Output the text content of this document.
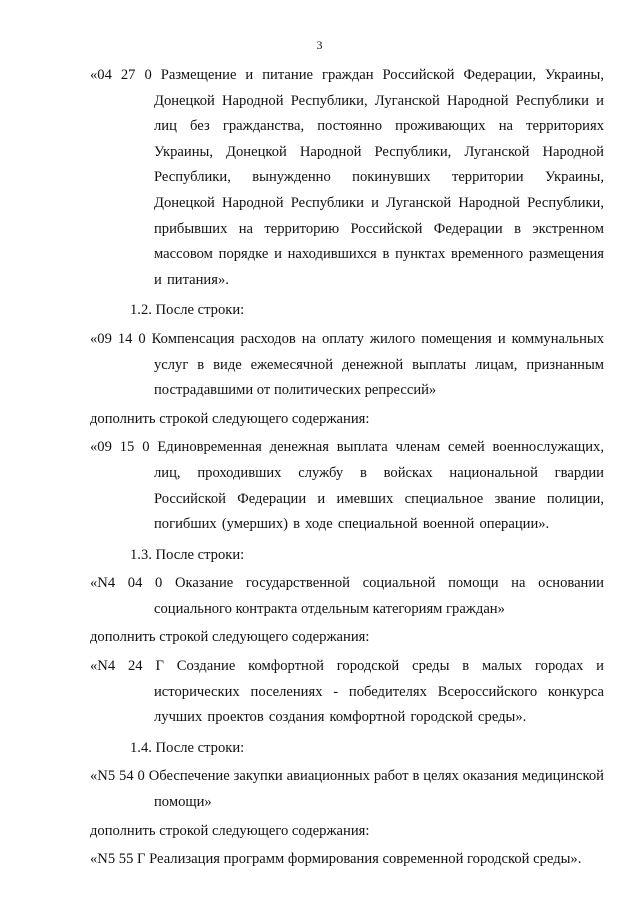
3

«04 27 0 Размещение и питание граждан Российской Федерации, Украины, Донецкой Народной Республики, Луганской Народной Республики и лиц без гражданства, постоянно проживающих на территориях Украины, Донецкой Народной Республики, Луганской Народной Республики, вынужденно покинувших территории Украины, Донецкой Народной Республики и Луганской Народной Республики, прибывших на территорию Российской Федерации в экстренном массовом порядке и находившихся в пунктах временного размещения и питания».

1.2. После строки:

«09 14 0 Компенсация расходов на оплату жилого помещения и коммунальных услуг в виде ежемесячной денежной выплаты лицам, признанным пострадавшими от политических репрессий»

дополнить строкой следующего содержания:

«09 15 0 Единовременная денежная выплата членам семей военнослужащих, лиц, проходивших службу в войсках национальной гвардии Российской Федерации и имевших специальное звание полиции, погибших (умерших) в ходе специальной военной операции».

1.3. После строки:

«N4 04 0 Оказание государственной социальной помощи на основании социального контракта отдельным категориям граждан»

дополнить строкой следующего содержания:

«N4 24 Г Создание комфортной городской среды в малых городах и исторических поселениях - победителях Всероссийского конкурса лучших проектов создания комфортной городской среды».

1.4. После строки:

«N5 54 0 Обеспечение закупки авиационных работ в целях оказания медицинской помощи»

дополнить строкой следующего содержания:

«N5 55 Г Реализация программ формирования современной городской среды».
